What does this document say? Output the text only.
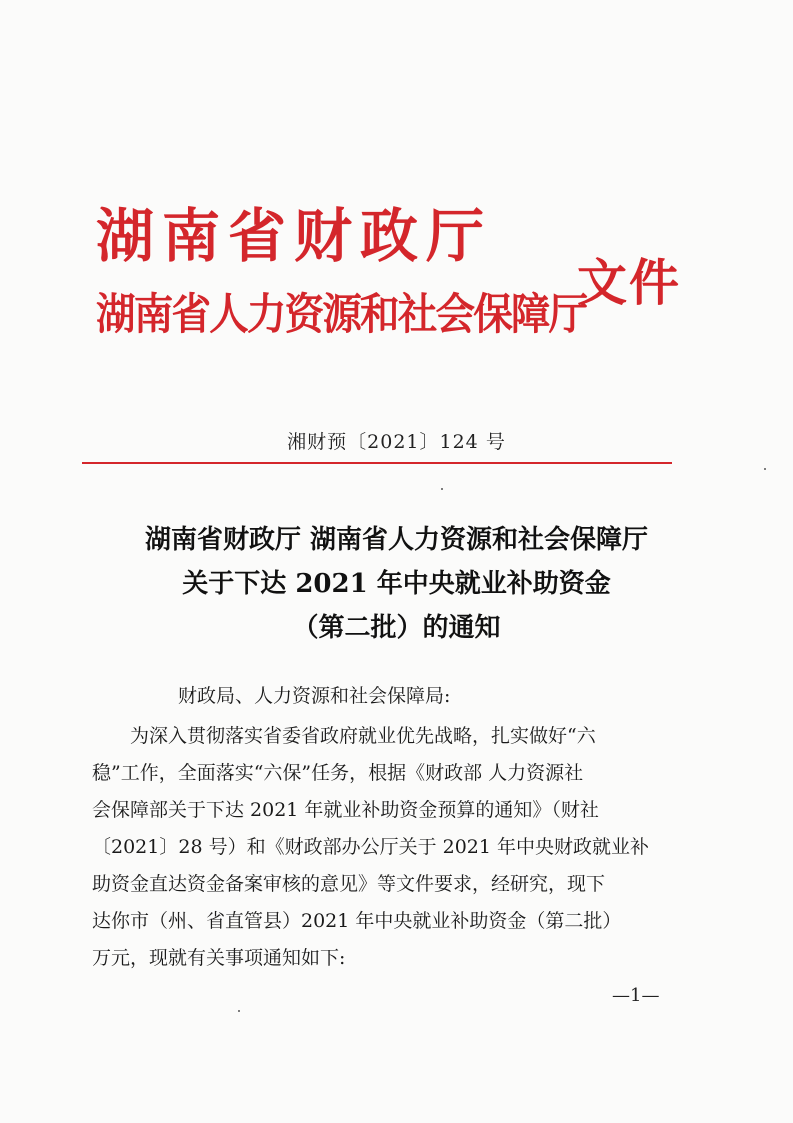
湖南省财政厅
湖南省人力资源和社会保障厅
文件
湘财预〔2021〕124 号
湖南省财政厅 湖南省人力资源和社会保障厅
关于下达 2021 年中央就业补助资金
（第二批）的通知
财政局、人力资源和社会保障局:
为深入贯彻落实省委省政府就业优先战略，扎实做好“六
稳”工作，全面落实“六保”任务，根据《财政部 人力资源社
会保障部关于下达 2021 年就业补助资金预算的通知》（财社
〔2021〕28 号）和《财政部办公厅关于 2021 年中央财政就业补
助资金直达资金备案审核的意见》等文件要求，经研究，现下
达你市（州、省直管县）2021 年中央就业补助资金（第二批）
万元，现就有关事项通知如下:
—1—
